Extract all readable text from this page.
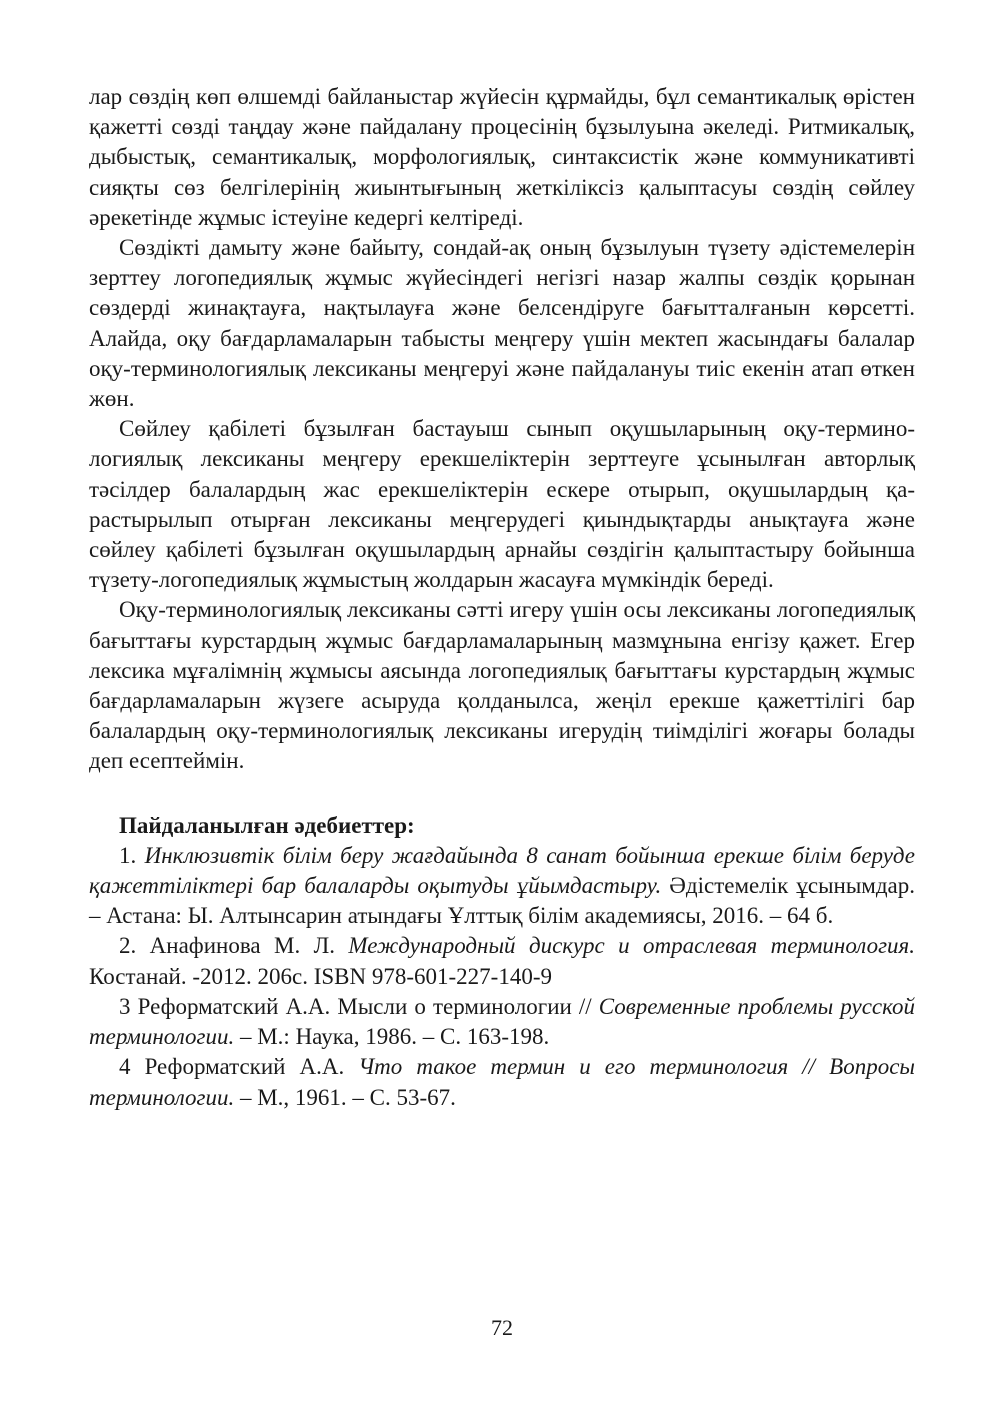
лар сөздің көп өлшемді байланыстар жүйесін құрмайды, бұл семантикалық өрістен қажетті сөзді таңдау және пайдалану процесінің бұзылуына әкеледі. Ритмикалық, дыбыстық, семантикалық, морфологиялық, синтаксистік және коммуникативті сияқты сөз белгілерінің жиынтығының жеткіліксіз қалыптасуы сөздің сөйлеу әрекетінде жұмыс істеуіне кедергі келтіреді.

Сөздікті дамыту және байыту, сондай-ақ оның бұзылуын түзету әдістемелерін зерттеу логопедиялық жұмыс жүйесіндегі негізгі назар жалпы сөздік қорынан сөздерді жинақтауға, нақтылауға және белсендіруге бағытталғанын көрсетті. Алайда, оқу бағдарламаларын табысты меңгеру үшін мектеп жасындағы балалар оқу-терминологиялық лексиканы меңгеруі және пайдалануы тиіс екенін атап өткен жөн.

Сөйлеу қабілеті бұзылған бастауыш сынып оқушыларының оқу-терминологиялық лексиканы меңгеру ерекшеліктерін зерттеуге ұсынылған авторлық тәсілдер балалардың жас ерекшеліктерін ескере отырып, оқушылардың қарастырылып отырған лексиканы меңгерудегі қиындықтарды анықтауға және сөйлеу қабілеті бұзылған оқушылардың арнайы сөздігін қалыптастыру бойынша түзету-логопедиялық жұмыстың жолдарын жасауға мүмкіндік береді.

Оқу-терминологиялық лексиканы сәтті игеру үшін осы лексиканы логопедиялық бағыттағы курстардың жұмыс бағдарламаларының мазмұнына енгізу қажет. Егер лексика мұғалімнің жұмысы аясында логопедиялық бағыттағы курстардың жұмыс бағдарламаларын жүзеге асыруда қолданылса, жеңіл ерекше қажеттілігі бар балалардың оқу-терминологиялық лексиканы игерудің тиімділігі жоғары болады деп есептеймін.

Пайдаланылған әдебиеттер:

1. Инклюзивтік білім беру жағдайында 8 санат бойынша ерекше білім беруде қажеттіліктері бар балаларды оқытуды ұйымдастыру. Әдістемелік ұсынымдар. – Астана: Ы. Алтынсарин атындағы Ұлттық білім академиясы, 2016. – 64 б.

2. Анафинова М. Л. Международный дискурс и отраслевая терминология. Костанай. -2012. 206с. ISBN 978-601-227-140-9

3 Реформатский А.А. Мысли о терминологии // Современные проблемы русской терминологии. – М.: Наука, 1986. – С. 163-198.

4 Реформатский А.А. Что такое термин и его терминология // Вопросы терминологии. – М., 1961. – С. 53-67.

72
